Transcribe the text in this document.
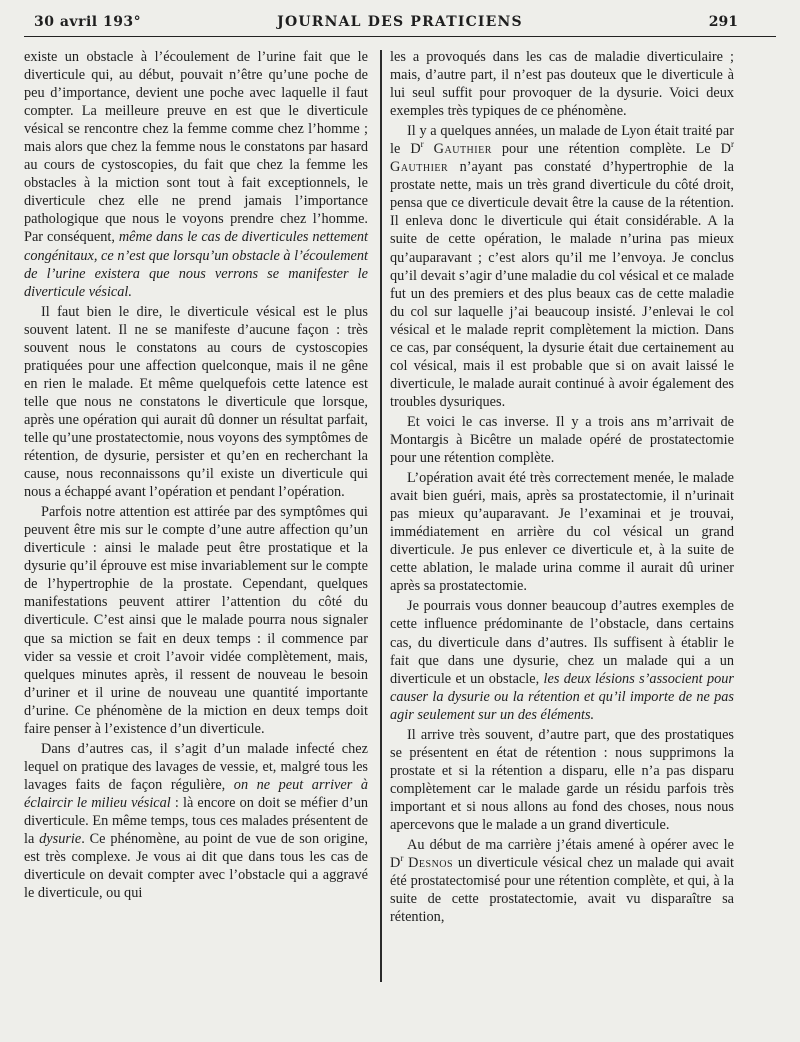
30 avril 193°	JOURNAL DES PRATICIENS	291

existe un obstacle à l’écoulement de l’urine fait que le diverticule qui, au début, pouvait n’être qu’une poche de peu d’importance, devient une poche avec laquelle il faut compter. La meilleure preuve en est que le diverticule vésical se rencontre chez la femme comme chez l’homme ; mais alors que chez la femme nous le constatons par hasard au cours de cystoscopies, du fait que chez la femme les obstacles à la miction sont tout à fait exceptionnels, le diverticule chez elle ne prend jamais l’importance pathologique que nous le voyons prendre chez l’homme. Par conséquent, même dans le cas de diverticules nettement congénitaux, ce n’est que lorsqu’un obstacle à l’écoulement de l’urine existera que nous verrons se manifester le diverticule vésical.

Il faut bien le dire, le diverticule vésical est le plus souvent latent. Il ne se manifeste d’aucune façon : très souvent nous le constatons au cours de cystoscopies pratiquées pour une affection quelconque, mais il ne gêne en rien le malade. Et même quelquefois cette latence est telle que nous ne constatons le diverticule que lorsque, après une opération qui aurait dû donner un résultat parfait, telle qu’une prostatectomie, nous voyons des symptômes de rétention, de dysurie, persister et qu’en en recherchant la cause, nous reconnaissons qu’il existe un diverticule qui nous a échappé avant l’opération et pendant l’opération.

Parfois notre attention est attirée par des symptômes qui peuvent être mis sur le compte d’une autre affection qu’un diverticule : ainsi le malade peut être prostatique et la dysurie qu’il éprouve est mise invariablement sur le compte de l’hypertrophie de la prostate. Cependant, quelques manifestations peuvent attirer l’attention du côté du diverticule. C’est ainsi que le malade pourra nous signaler que sa miction se fait en deux temps : il commence par vider sa vessie et croit l’avoir vidée complètement, mais, quelques minutes après, il ressent de nouveau le besoin d’uriner et il urine de nouveau une quantité importante d’urine. Ce phénomène de la miction en deux temps doit faire penser à l’existence d’un diverticule.

Dans d’autres cas, il s’agit d’un malade infecté chez lequel on pratique des lavages de vessie, et, malgré tous les lavages faits de façon régulière, on ne peut arriver à éclaircir le milieu vésical : là encore on doit se méfier d’un diverticule. En même temps, tous ces malades présentent de la dysurie. Ce phénomène, au point de vue de son origine, est très complexe. Je vous ai dit que dans tous les cas de diverticule on devait compter avec l’obstacle qui a aggravé le diverticule, ou qui

les a provoqués dans les cas de maladie diverticulaire ; mais, d’autre part, il n’est pas douteux que le diverticule à lui seul suffit pour provoquer de la dysurie. Voici deux exemples très typiques de ce phénomène.

Il y a quelques années, un malade de Lyon était traité par le $D^r$ Gauthier pour une rétention complète. Le $D^r$ Gauthier n’ayant pas constaté d’hypertrophie de la prostate nette, mais un très grand diverticule du côté droit, pensa que ce diverticule devait être la cause de la rétention. Il enleva donc le diverticule qui était considérable. A la suite de cette opération, le malade n’urina pas mieux qu’auparavant ; c’est alors qu’il me l’envoya. Je conclus qu’il devait s’agir d’une maladie du col vésical et ce malade fut un des premiers et des plus beaux cas de cette maladie du col sur laquelle j’ai beaucoup insisté. J’enlevai le col vésical et le malade reprit complètement la miction. Dans ce cas, par conséquent, la dysurie était due certainement au col vésical, mais il est probable que si on avait laissé le diverticule, le malade aurait continué à avoir également des troubles dysuriques.

Et voici le cas inverse. Il y a trois ans m’arrivait de Montargis à Bicêtre un malade opéré de prostatectomie pour une rétention complète.

L’opération avait été très correctement menée, le malade avait bien guéri, mais, après sa prostatectomie, il n’urinait pas mieux qu’auparavant. Je l’examinai et je trouvai, immédiatement en arrière du col vésical un grand diverticule. Je pus enlever ce diverticule et, à la suite de cette ablation, le malade urina comme il aurait dû uriner après sa prostatectomie.

Je pourrais vous donner beaucoup d’autres exemples de cette influence prédominante de l’obstacle, dans certains cas, du diverticule dans d’autres. Ils suffisent à établir le fait que dans une dysurie, chez un malade qui a un diverticule et un obstacle, les deux lésions s’associent pour causer la dysurie ou la rétention et qu’il importe de ne pas agir seulement sur un des éléments.

Il arrive très souvent, d’autre part, que des prostatiques se présentent en état de rétention : nous supprimons la prostate et si la rétention a disparu, elle n’a pas disparu complètement car le malade garde un résidu parfois très important et si nous allons au fond des choses, nous nous apercevons que le malade a un grand diverticule.

Au début de ma carrière j’étais amené à opérer avec le $D^r$ Desnos un diverticule vésical chez un malade qui avait été prostatectomisé pour une rétention complète, et qui, à la suite de cette prostatectomie, avait vu disparaître sa rétention,
